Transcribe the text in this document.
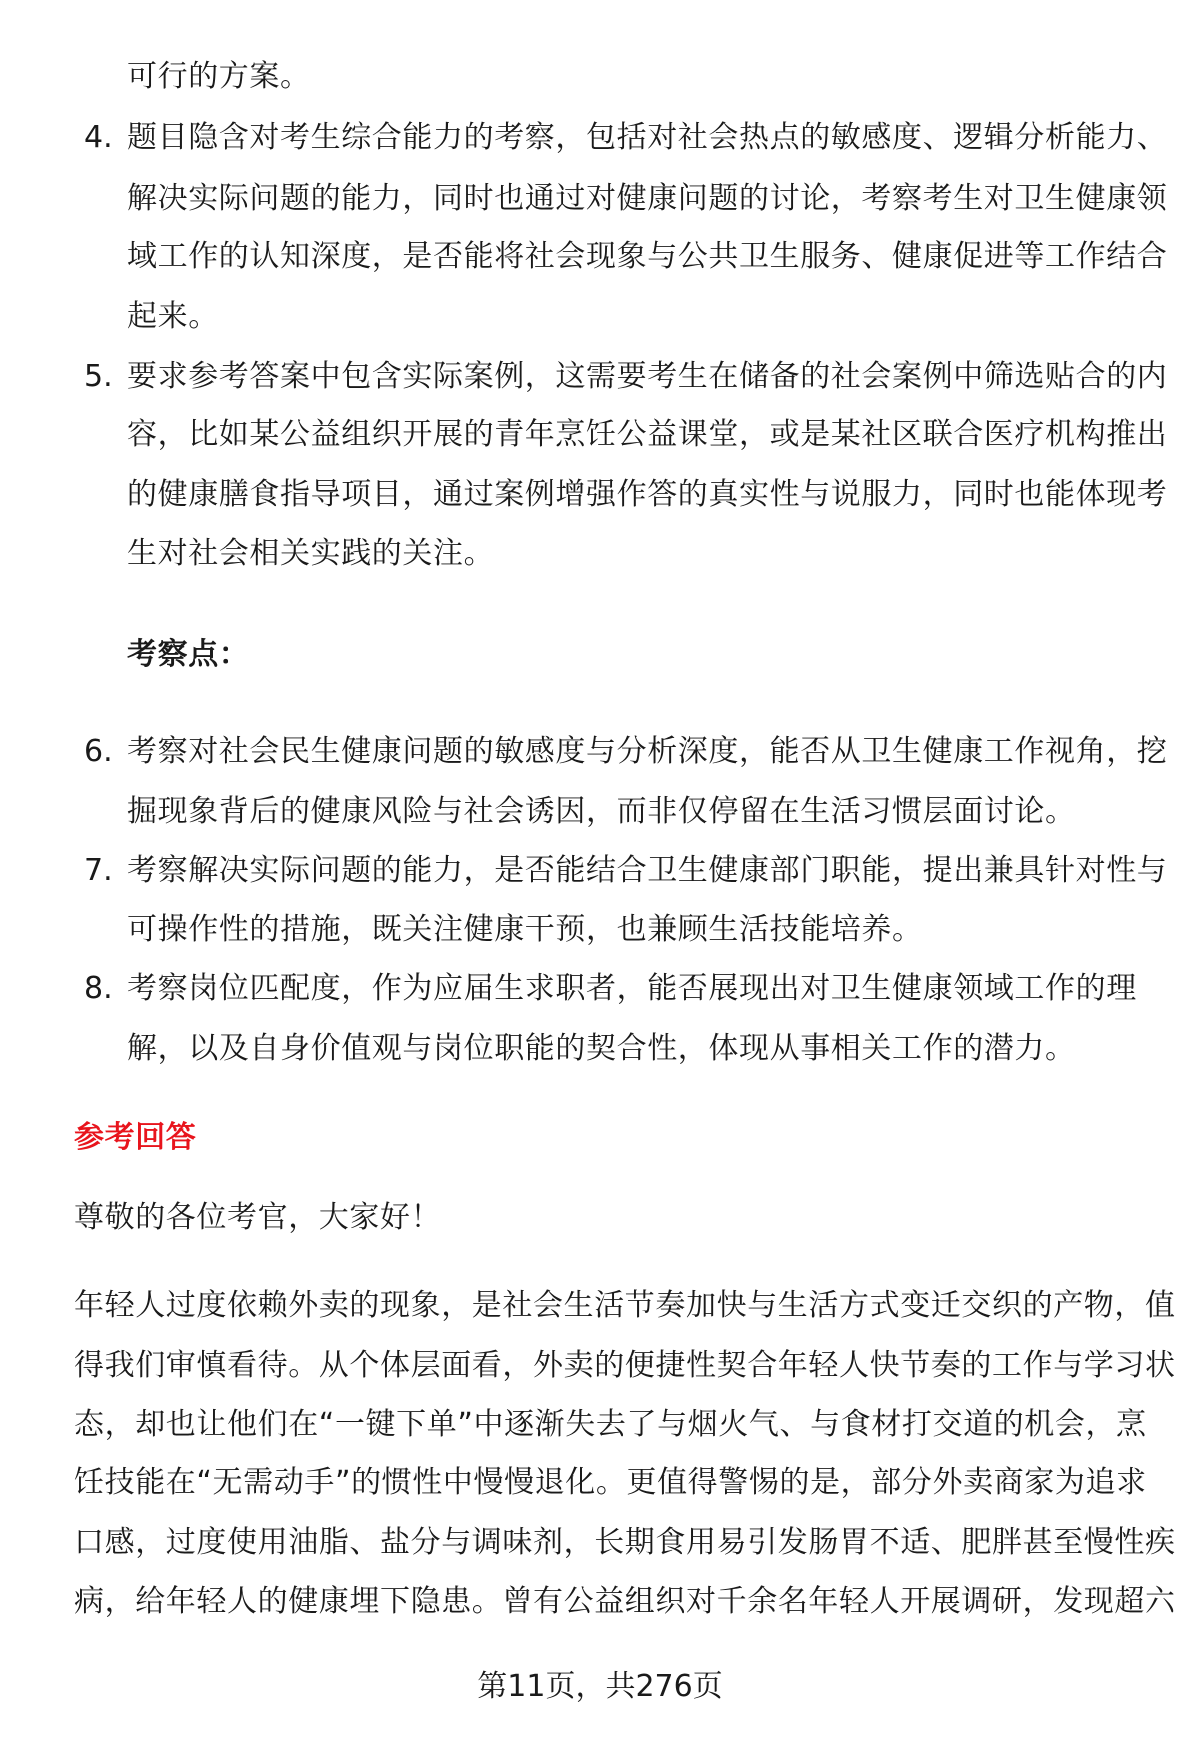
第11页，共276页
可行的方案。
题目隐含对考生综合能力的考察，包括对社会热点的敏感度、逻辑分析能力、
解决实际问题的能力，同时也通过对健康问题的讨论，考察考生对卫生健康领
域工作的认知深度，是否能将社会现象与公共卫生服务、健康促进等工作结合
起来。
4.
要求参考答案中包含实际案例，这需要考生在储备的社会案例中筛选贴合的内
容，比如某公益组织开展的青年烹饪公益课堂，或是某社区联合医疗机构推出
的健康膳食指导项目，通过案例增强作答的真实性与说服力，同时也能体现考
生对社会相关实践的关注。
5.
考察点：
考察对社会民生健康问题的敏感度与分析深度，能否从卫生健康工作视角，挖
掘现象背后的健康风险与社会诱因，而非仅停留在生活习惯层面讨论。
6.
考察解决实际问题的能力，是否能结合卫生健康部门职能，提出兼具针对性与
可操作性的措施，既关注健康干预，也兼顾生活技能培养。
7.
考察岗位匹配度，作为应届生求职者，能否展现出对卫生健康领域工作的理
解，以及自身价值观与岗位职能的契合性，体现从事相关工作的潜力。
8.
参考回答
尊敬的各位考官，大家好！
年轻人过度依赖外卖的现象，是社会生活节奏加快与生活方式变迁交织的产物，值
得我们审慎看待。从个体层面看，外卖的便捷性契合年轻人快节奏的工作与学习状
态，却也让他们在“一键下单”中逐渐失去了与烟火气、与食材打交道的机会，烹
饪技能在“无需动手”的惯性中慢慢退化。更值得警惕的是，部分外卖商家为追求
口感，过度使用油脂、盐分与调味剂，长期食用易引发肠胃不适、肥胖甚至慢性疾
病，给年轻人的健康埋下隐患。曾有公益组织对千余名年轻人开展调研，发现超六
